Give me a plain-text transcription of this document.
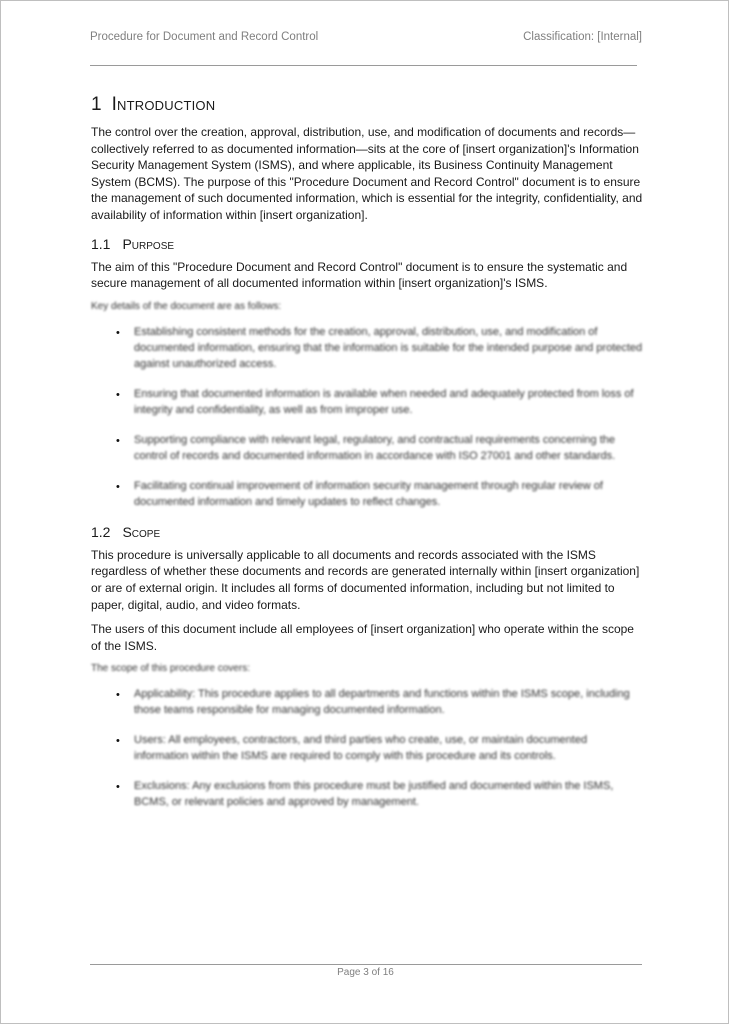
Procedure for Document and Record Control	Classification: [Internal]
1 Introduction

The control over the creation, approval, distribution, use, and modification of documents and records—collectively referred to as documented information—sits at the core of [insert organization]'s Information Security Management System (ISMS), and where applicable, its Business Continuity Management System (BCMS). The purpose of this "Procedure Document and Record Control" document is to ensure the management of such documented information, which is essential for the integrity, confidentiality, and availability of information within [insert organization].

1.1 Purpose

The aim of this "Procedure Document and Record Control" document is to ensure the systematic and secure management of all documented information within [insert organization]'s ISMS.

Key details of the document are as follows:

• Establishing consistent methods for the creation, approval, distribution, use, and modification of documented information, ensuring that the information is suitable for the intended purpose and protected against unauthorized access.
• Ensuring that documented information is available when needed and adequately protected from loss of integrity and confidentiality, as well as from improper use.
• Supporting compliance with relevant legal, regulatory, and contractual requirements concerning the control of records and documented information in accordance with ISO 27001 and other standards.
• Facilitating continual improvement of information security management through regular review of documented information and timely updates to reflect changes.
1.2 Scope

This procedure is universally applicable to all documents and records associated with the ISMS regardless of whether these documents and records are generated internally within [insert organization] or are of external origin. It includes all forms of documented information, including but not limited to paper, digital, audio, and video formats.

The users of this document include all employees of [insert organization] who operate within the scope of the ISMS.

The scope of this procedure covers:

• Applicability: This procedure applies to all departments and functions within the ISMS scope, including those teams responsible for managing documented information.
• Users: All employees, contractors, and third parties who create, use, or maintain documented information within the ISMS are required to comply with this procedure and its controls.
• Exclusions: Any exclusions from this procedure must be justified and documented within the ISMS, BCMS, or relevant policies and approved by management.
Page 3 of 16
